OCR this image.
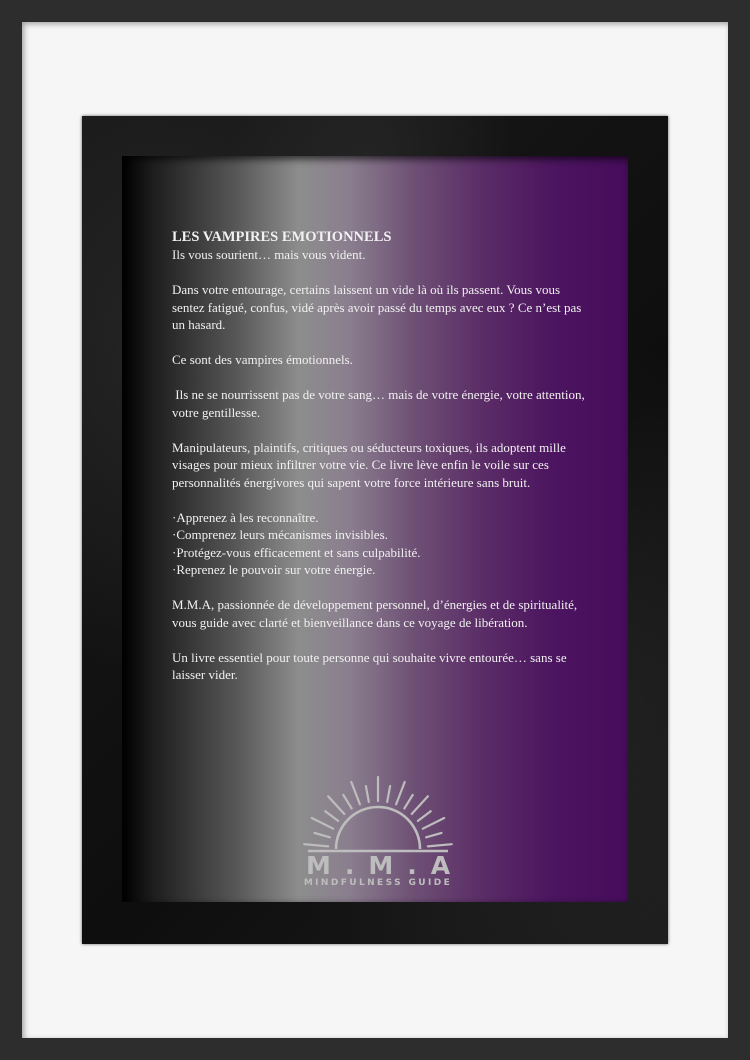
LES VAMPIRES EMOTIONNELS

Ils vous sourient… mais vous vident.

Dans votre entourage, certains laissent un vide là où ils passent. Vous vous sentez fatigué, confus, vidé après avoir passé du temps avec eux ? Ce n’est pas un hasard.

Ce sont des vampires émotionnels.

Ils ne se nourrissent pas de votre sang… mais de votre énergie, votre attention, votre gentillesse.

Manipulateurs, plaintifs, critiques ou séducteurs toxiques, ils adoptent mille visages pour mieux infiltrer votre vie. Ce livre lève enfin le voile sur ces personnalités énergivores qui sapent votre force intérieure sans bruit.

·Apprenez à les reconnaître.
·Comprenez leurs mécanismes invisibles.
·Protégez-vous efficacement et sans culpabilité.
·Reprenez le pouvoir sur votre énergie.

M.M.A, passionnée de développement personnel, d’énergies et de spiritualité, vous guide avec clarté et bienveillance dans ce voyage de libération.

Un livre essentiel pour toute personne qui souhaite vivre entourée… sans se laisser vider.

M.M.A
MINDFULNESS GUIDE
